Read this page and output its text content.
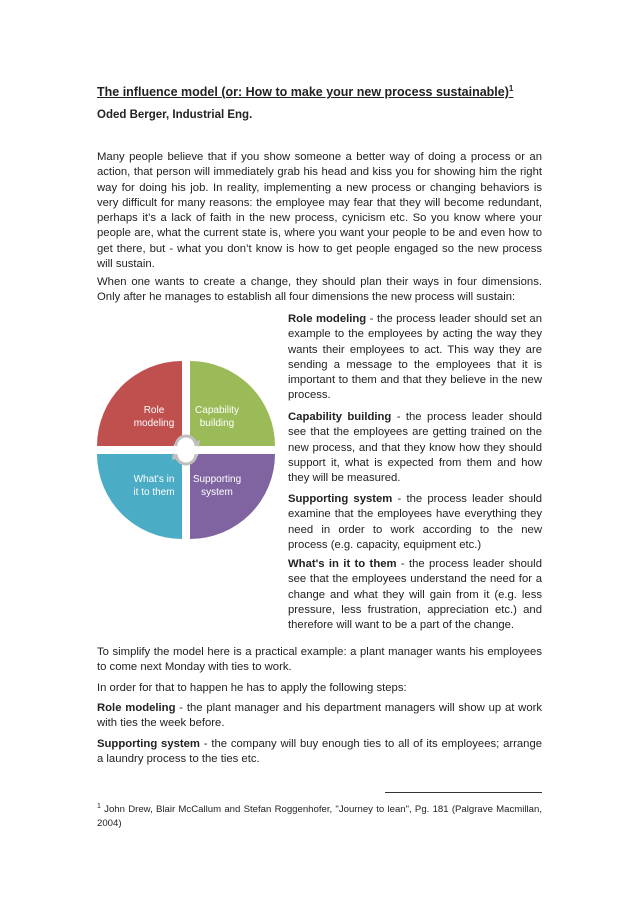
The influence model (or: How to make your new process sustainable)$^1$
Oded Berger, Industrial Eng.

Many people believe that if you show someone a better way of doing a process or an action, that person will immediately grab his head and kiss you for showing him the right way for doing his job. In reality, implementing a new process or changing behaviors is very difficult for many reasons: the employee may fear that they will become redundant, perhaps it’s a lack of faith in the new process, cynicism etc. So you know where your people are, what the current state is, where you want your people to be and even how to get there, but - what you don’t know is how to get people engaged so the new process will sustain.

When one wants to create a change, they should plan their ways in four dimensions. Only after he manages to establish all four dimensions the new process will sustain:

Role
modeling
Capability
building
What's in
it to them
Supporting
system

Role modeling - the process leader should set an example to the employees by acting the way they wants their employees to act. This way they are sending a message to the employees that it is important to them and that they believe in the new process.

Capability building - the process leader should see that the employees are getting trained on the new process, and that they know how they should support it, what is expected from them and how they will be measured.

Supporting system - the process leader should examine that the employees have everything they need in order to work according to the new process (e.g. capacity, equipment etc.)

What's in it to them - the process leader should see that the employees understand the need for a change and what they will gain from it (e.g. less pressure, less frustration, appreciation etc.) and therefore will want to be a part of the change.

To simplify the model here is a practical example: a plant manager wants his employees to come next Monday with ties to work.

In order for that to happen he has to apply the following steps:

Role modeling - the plant manager and his department managers will show up at work with ties the week before.

Supporting system - the company will buy enough ties to all of its employees; arrange a laundry process to the ties etc.

$^1$ John Drew, Blair McCallum and Stefan Roggenhofer, "Journey to lean", Pg. 181 (Palgrave Macmillan, 2004)
